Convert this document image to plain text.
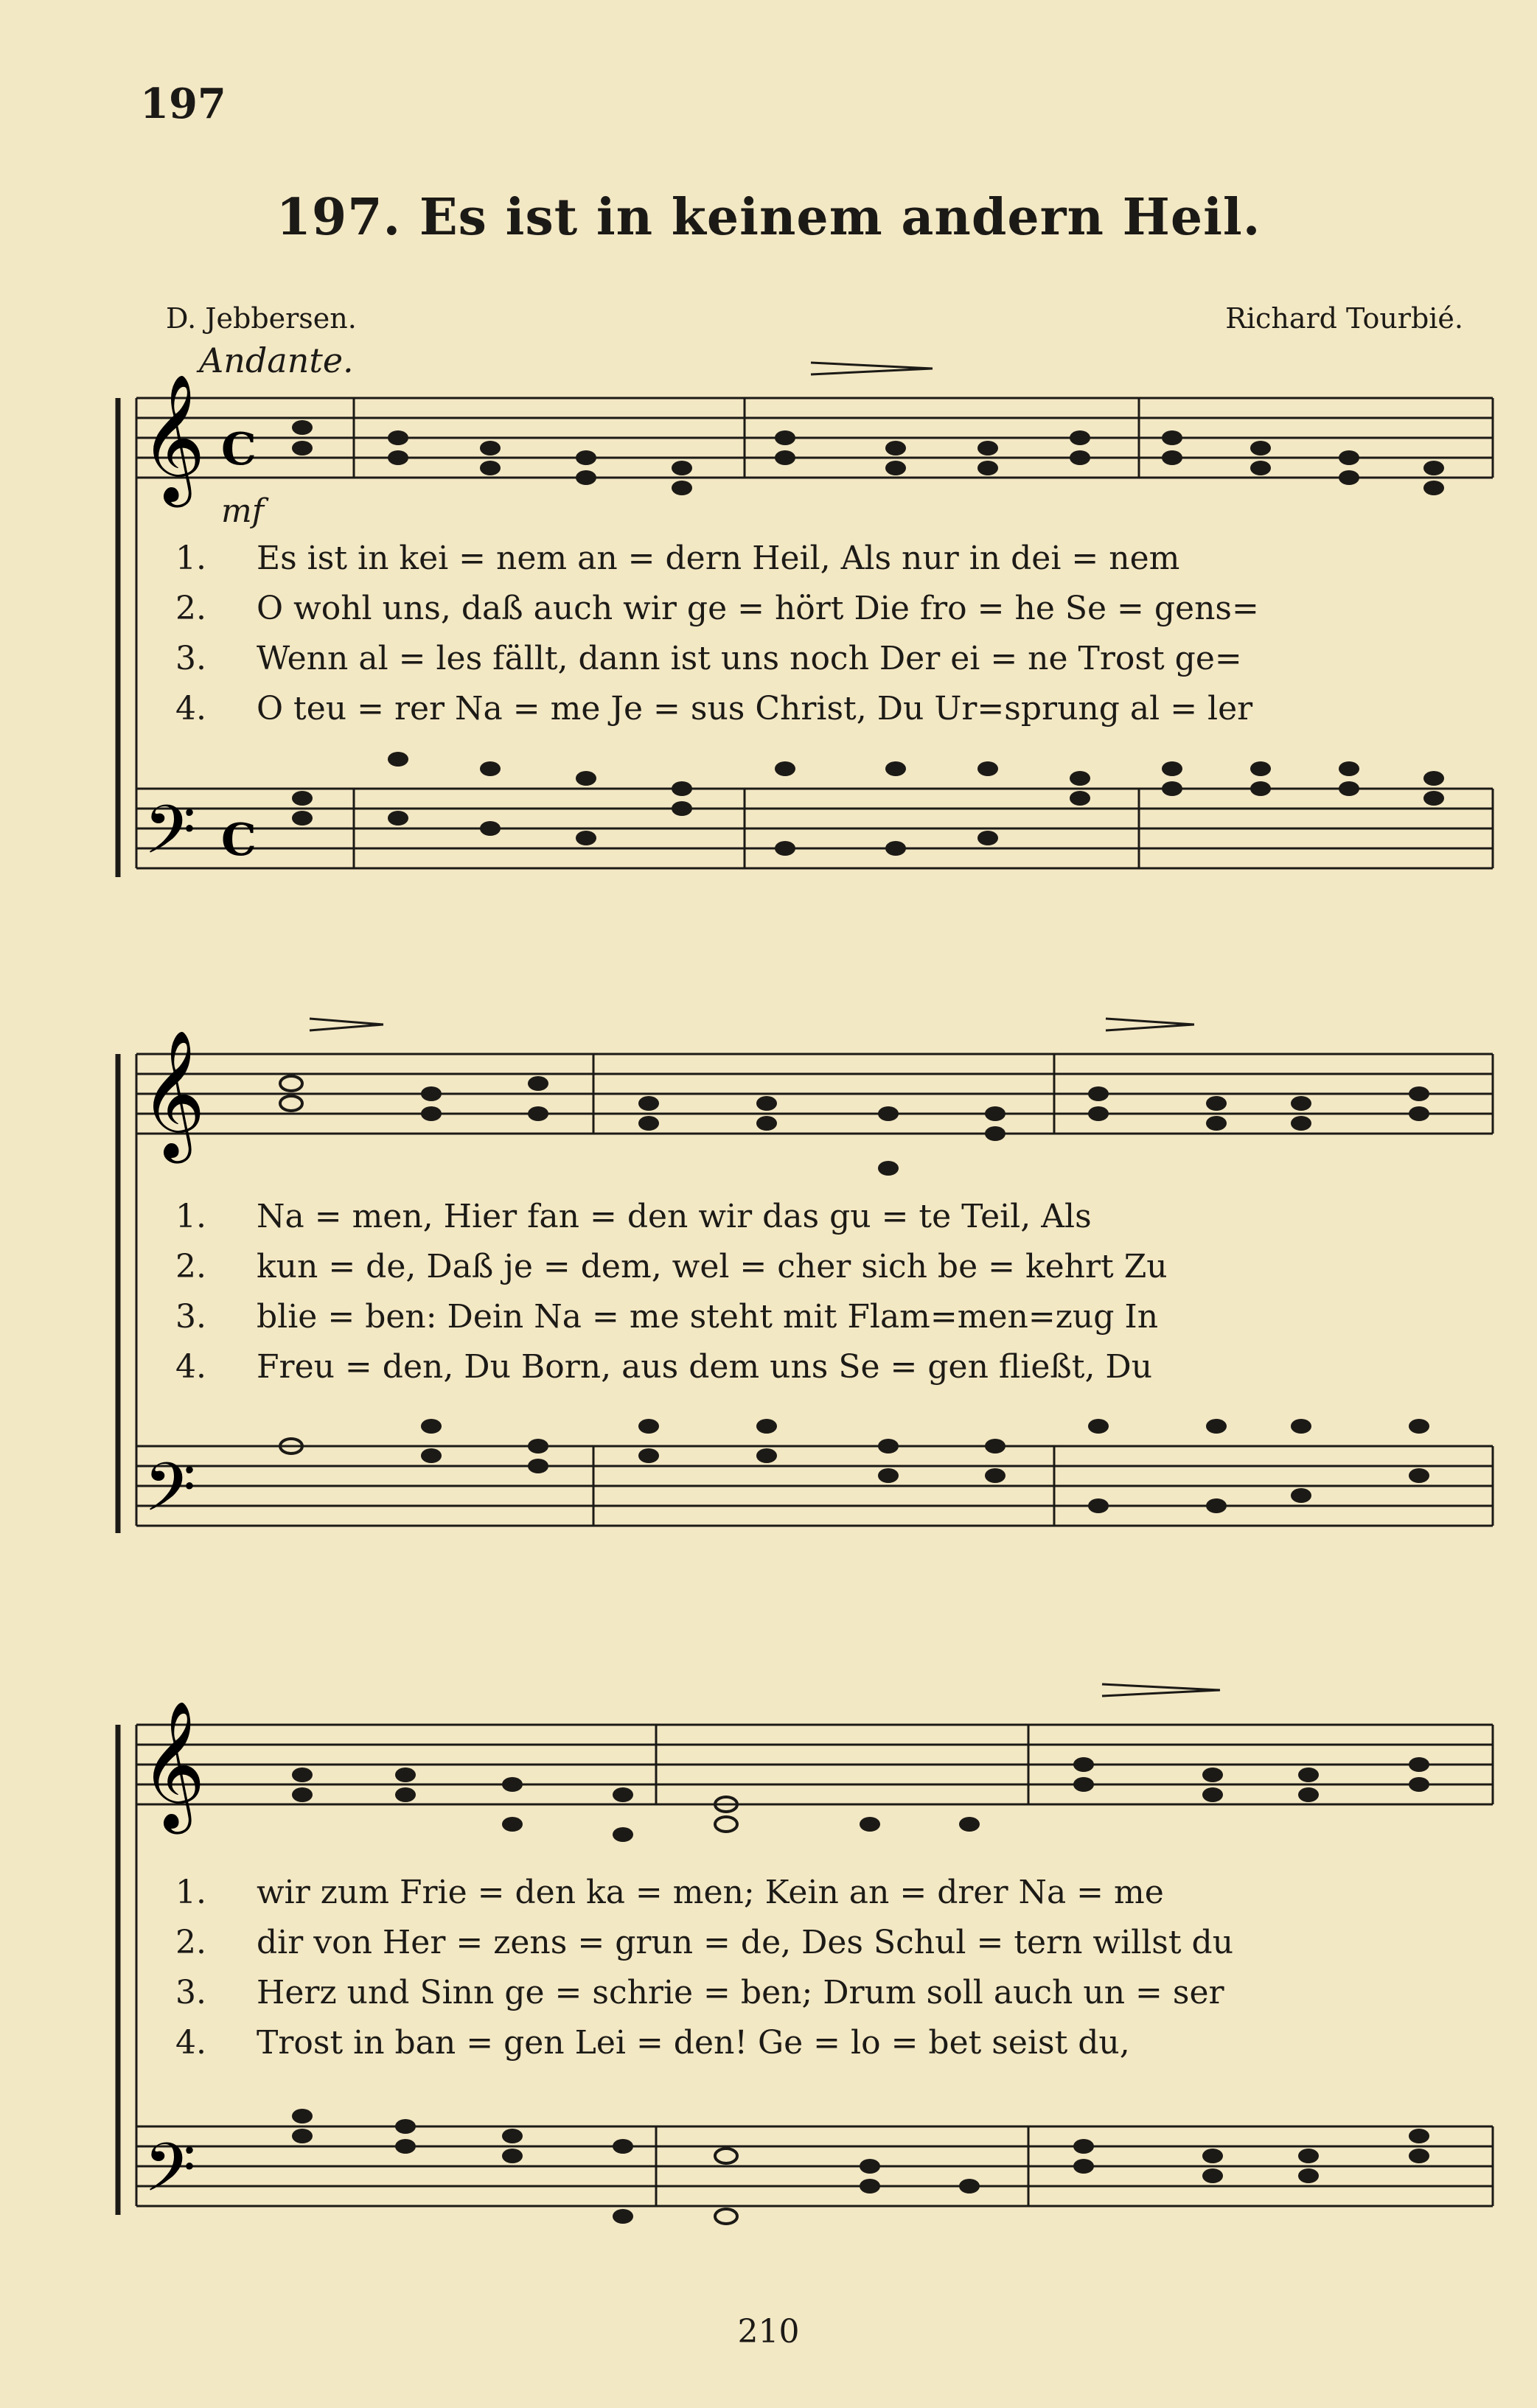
197
197. Es ist in keinem andern Heil.
D. Jebbersen.	Richard Tourbié.
Andante.
mf
𝄞
𝄢
C
C
1. Es ist in kei = nem an = dern Heil, Als nur in dei = nem
2. O wohl uns, daß auch wir ge = hört Die fro = he Se = gens=
3. Wenn al = les fällt, dann ist uns noch Der ei = ne Trost ge=
4. O teu = rer Na = me Je = sus Christ, Du Ur=sprung al = ler
𝄞
𝄢
1. Na = men, Hier fan = den wir das gu = te Teil, Als
2. kun = de, Daß je = dem, wel = cher sich be = kehrt Zu
3. blie = ben: Dein Na = me steht mit Flam=men=zug In
4. Freu = den, Du Born, aus dem uns Se = gen fließt, Du
𝄞
𝄢
1. wir zum Frie = den ka = men; Kein an = drer Na = me
2. dir von Her = zens = grun = de, Des Schul = tern willst du
3. Herz und Sinn ge = schrie = ben; Drum soll auch un = ser
4. Trost in ban = gen Lei = den! Ge = lo = bet seist du,
210
